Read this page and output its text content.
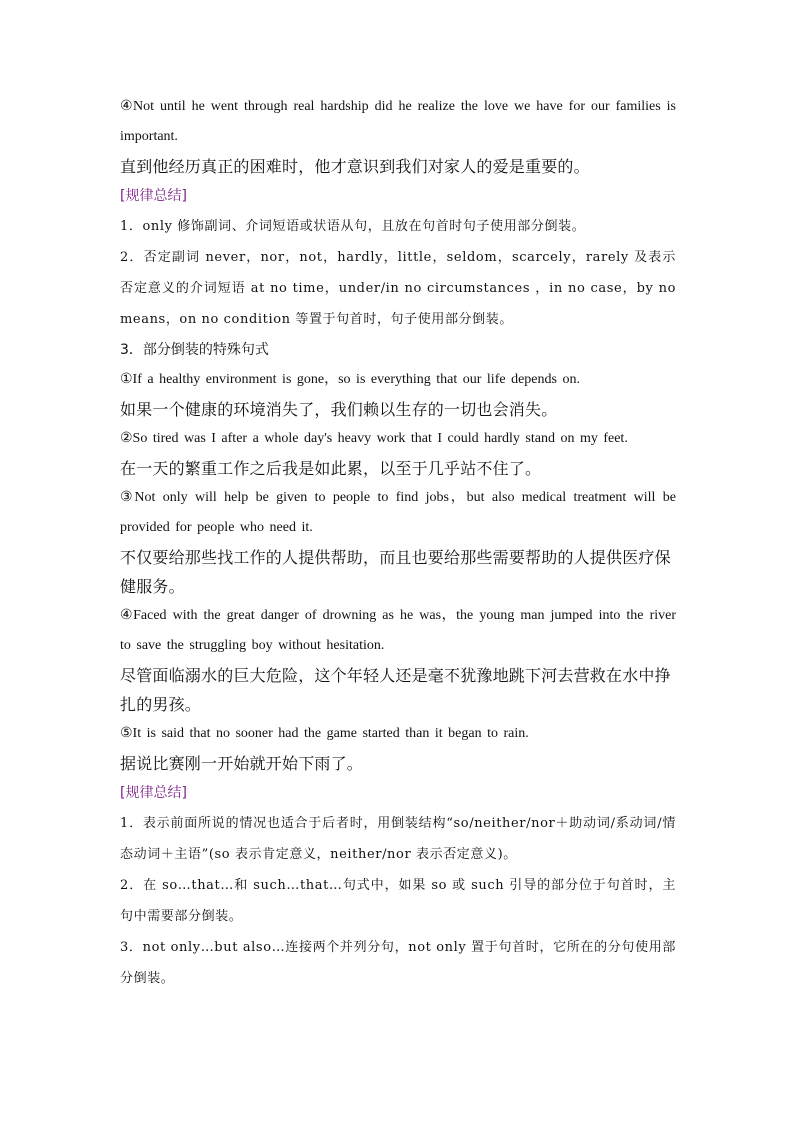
④Not until he went through real hardship did he realize the love we have for our families is important.

直到他经历真正的困难时，他才意识到我们对家人的爱是重要的。

[规律总结]

1．only 修饰副词、介词短语或状语从句，且放在句首时句子使用部分倒装。

2．否定副词 never，nor，not，hardly，little，seldom，scarcely，rarely 及表示否定意义的介词短语 at no time，under/in no circumstances ，in no case，by no means，on no condition 等置于句首时，句子使用部分倒装。

3．部分倒装的特殊句式

①If a healthy environment is gone，so is everything that our life depends on.

如果一个健康的环境消失了，我们赖以生存的一切也会消失。

②So tired was I after a whole day's heavy work that I could hardly stand on my feet.

在一天的繁重工作之后我是如此累，以至于几乎站不住了。

③Not only will help be given to people to find jobs，but also medical treatment will be provided for people who need it.

不仅要给那些找工作的人提供帮助，而且也要给那些需要帮助的人提供医疗保健服务。

④Faced with the great danger of drowning as he was，the young man jumped into the river to save the struggling boy without hesitation.

尽管面临溺水的巨大危险，这个年轻人还是毫不犹豫地跳下河去营救在水中挣扎的男孩。

⑤It is said that no sooner had the game started than it began to rain.

据说比赛刚一开始就开始下雨了。

[规律总结]

1．表示前面所说的情况也适合于后者时，用倒装结构“so/neither/nor＋助动词/系动词/情态动词＋主语”(so 表示肯定意义，neither/nor 表示否定意义)。

2．在 so…that…和 such…that…句式中，如果 so 或 such 引导的部分位于句首时，主句中需要部分倒装。

3．not only…but also…连接两个并列分句，not only 置于句首时，它所在的分句使用部分倒装。
